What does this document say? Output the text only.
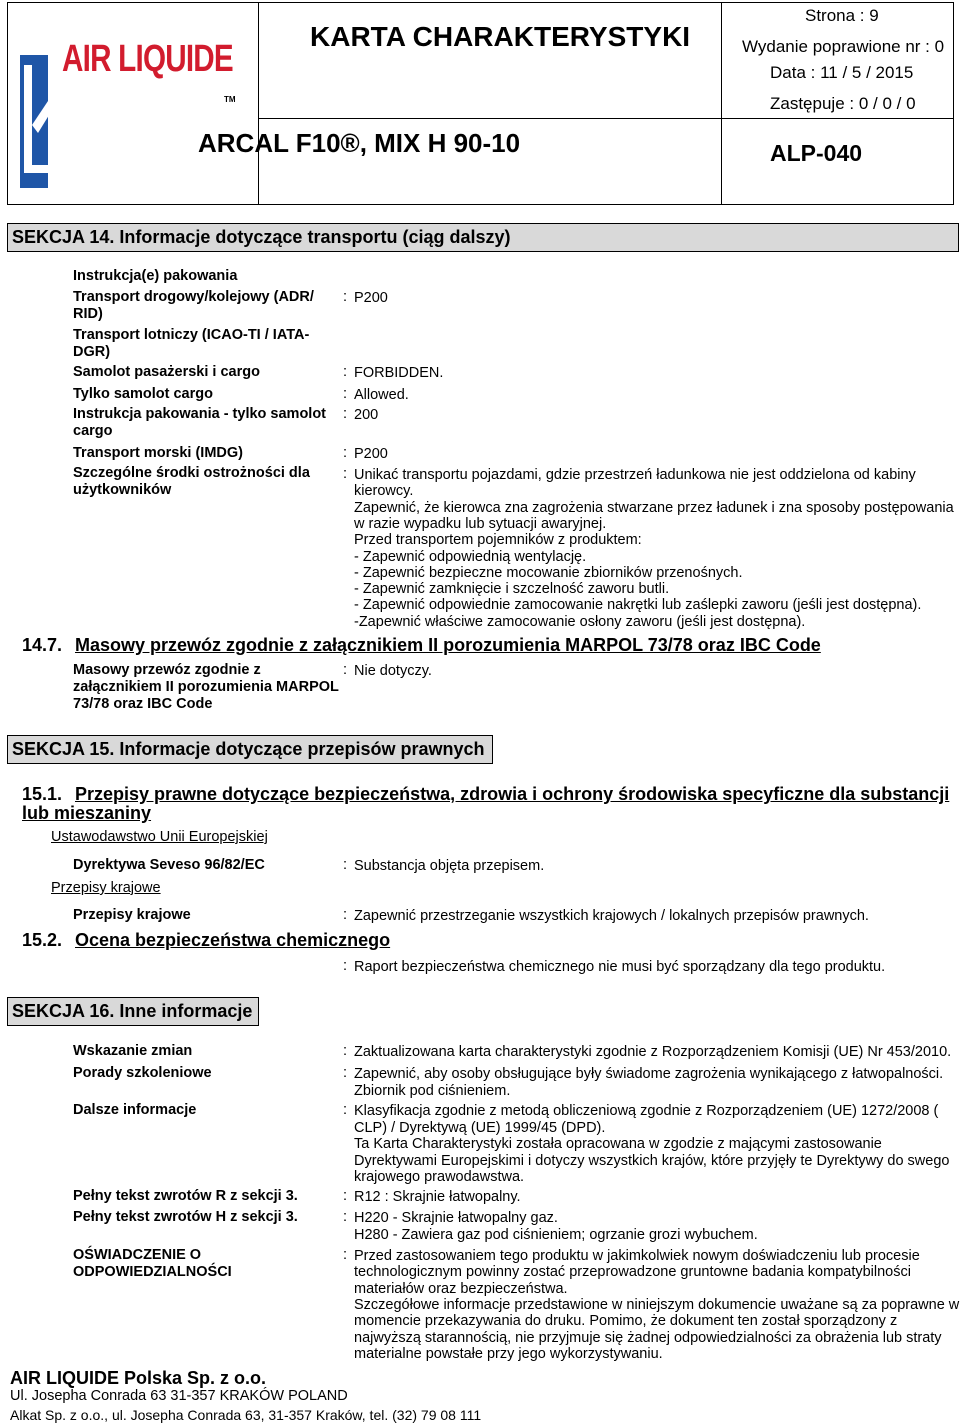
AIR LIQUIDE
TM
KARTA CHARAKTERYSTYKI
ARCAL F10®, MIX H 90-10
Strona : 9
Wydanie poprawione nr : 0
Data : 11 / 5 / 2015
Zastępuje : 0 / 0 / 0
ALP-040
SEKCJA 14. Informacje dotyczące transportu (ciąg dalszy)
Instrukcja(e) pakowania
Transport drogowy/kolejowy (ADR/ RID)
: P200
Transport lotniczy (ICAO-TI / IATA-DGR)
Samolot pasażerski i cargo	: FORBIDDEN.
Tylko samolot cargo	: Allowed.
Instrukcja pakowania - tylko samolot cargo
: 200
Transport morski (IMDG)	: P200
Szczególne środki ostrożności dla użytkowników
: Unikać transportu pojazdami, gdzie przestrzeń ładunkowa nie jest oddzielona od kabiny
kierowcy.
Zapewnić, że kierowca zna zagrożenia stwarzane przez ładunek i zna sposoby postępowania
w razie wypadku lub sytuacji awaryjnej.
Przed transportem pojemników z produktem:
- Zapewnić odpowiednią wentylację.
- Zapewnić bezpieczne mocowanie zbiorników przenośnych.
- Zapewnić zamknięcie i szczelność zaworu butli.
- Zapewnić odpowiednie zamocowanie nakrętki lub zaślepki zaworu (jeśli jest dostępna).
-Zapewnić właściwe zamocowanie osłony zaworu (jeśli jest dostępna).
14.7. Masowy przewóz zgodnie z załącznikiem II porozumienia MARPOL 73/78 oraz IBC Code
Masowy przewóz zgodnie z załącznikiem II porozumienia MARPOL 73/78 oraz IBC Code
: Nie dotyczy.
SEKCJA 15. Informacje dotyczące przepisów prawnych
15.1. Przepisy prawne dotyczące bezpieczeństwa, zdrowia i ochrony środowiska specyficzne dla substancji lub mieszaniny
Ustawodawstwo Unii Europejskiej
Dyrektywa Seveso 96/82/EC	: Substancja objęta przepisem.
Przepisy krajowe
Przepisy krajowe	: Zapewnić przestrzeganie wszystkich krajowych / lokalnych przepisów prawnych.
15.2. Ocena bezpieczeństwa chemicznego
: Raport bezpieczeństwa chemicznego nie musi być sporządzany dla tego produktu.
SEKCJA 16. Inne informacje
Wskazanie zmian	: Zaktualizowana karta charakterystyki zgodnie z Rozporządzeniem Komisji (UE) Nr 453/2010.
Porady szkoleniowe	: Zapewnić, aby osoby obsługujące były świadome zagrożenia wynikającego z łatwopalności.
Zbiornik pod ciśnieniem.
Dalsze informacje	: Klasyfikacja zgodnie z metodą obliczeniową zgodnie z Rozporządzeniem (UE) 1272/2008 (
CLP) / Dyrektywą (UE) 1999/45 (DPD).
Ta Karta Charakterystyki została opracowana w zgodzie z mającymi zastosowanie
Dyrektywami Europejskimi i dotyczy wszystkich krajów, które przyjęły te Dyrektywy do swego
krajowego prawodawstwa.
Pełny tekst zwrotów R z sekcji 3.	: R12 : Skrajnie łatwopalny.
Pełny tekst zwrotów H z sekcji 3.	: H220 - Skrajnie łatwopalny gaz.
H280 - Zawiera gaz pod ciśnieniem; ogrzanie grozi wybuchem.
OŚWIADCZENIE O
ODPOWIEDZIALNOŚCI
: Przed zastosowaniem tego produktu w jakimkolwiek nowym doświadczeniu lub procesie
technologicznym powinny zostać przeprowadzone gruntowne badania kompatybilności
materiałów oraz bezpieczeństwa.
Szczegółowe informacje przedstawione w niniejszym dokumencie uważane są za poprawne w
momencie przekazywania do druku. Pomimo, że dokument ten został sporządzony z
najwyższą starannością, nie przyjmuje się żadnej odpowiedzialności za obrażenia lub straty
materialne powstałe przy jego wykorzystywaniu.
AIR LIQUIDE Polska Sp. z o.o.
Ul. Josepha Conrada 63 31-357 KRAKÓW POLAND
Alkat Sp. z o.o., ul. Josepha Conrada 63, 31-357 Kraków, tel. (32) 79 08 111
